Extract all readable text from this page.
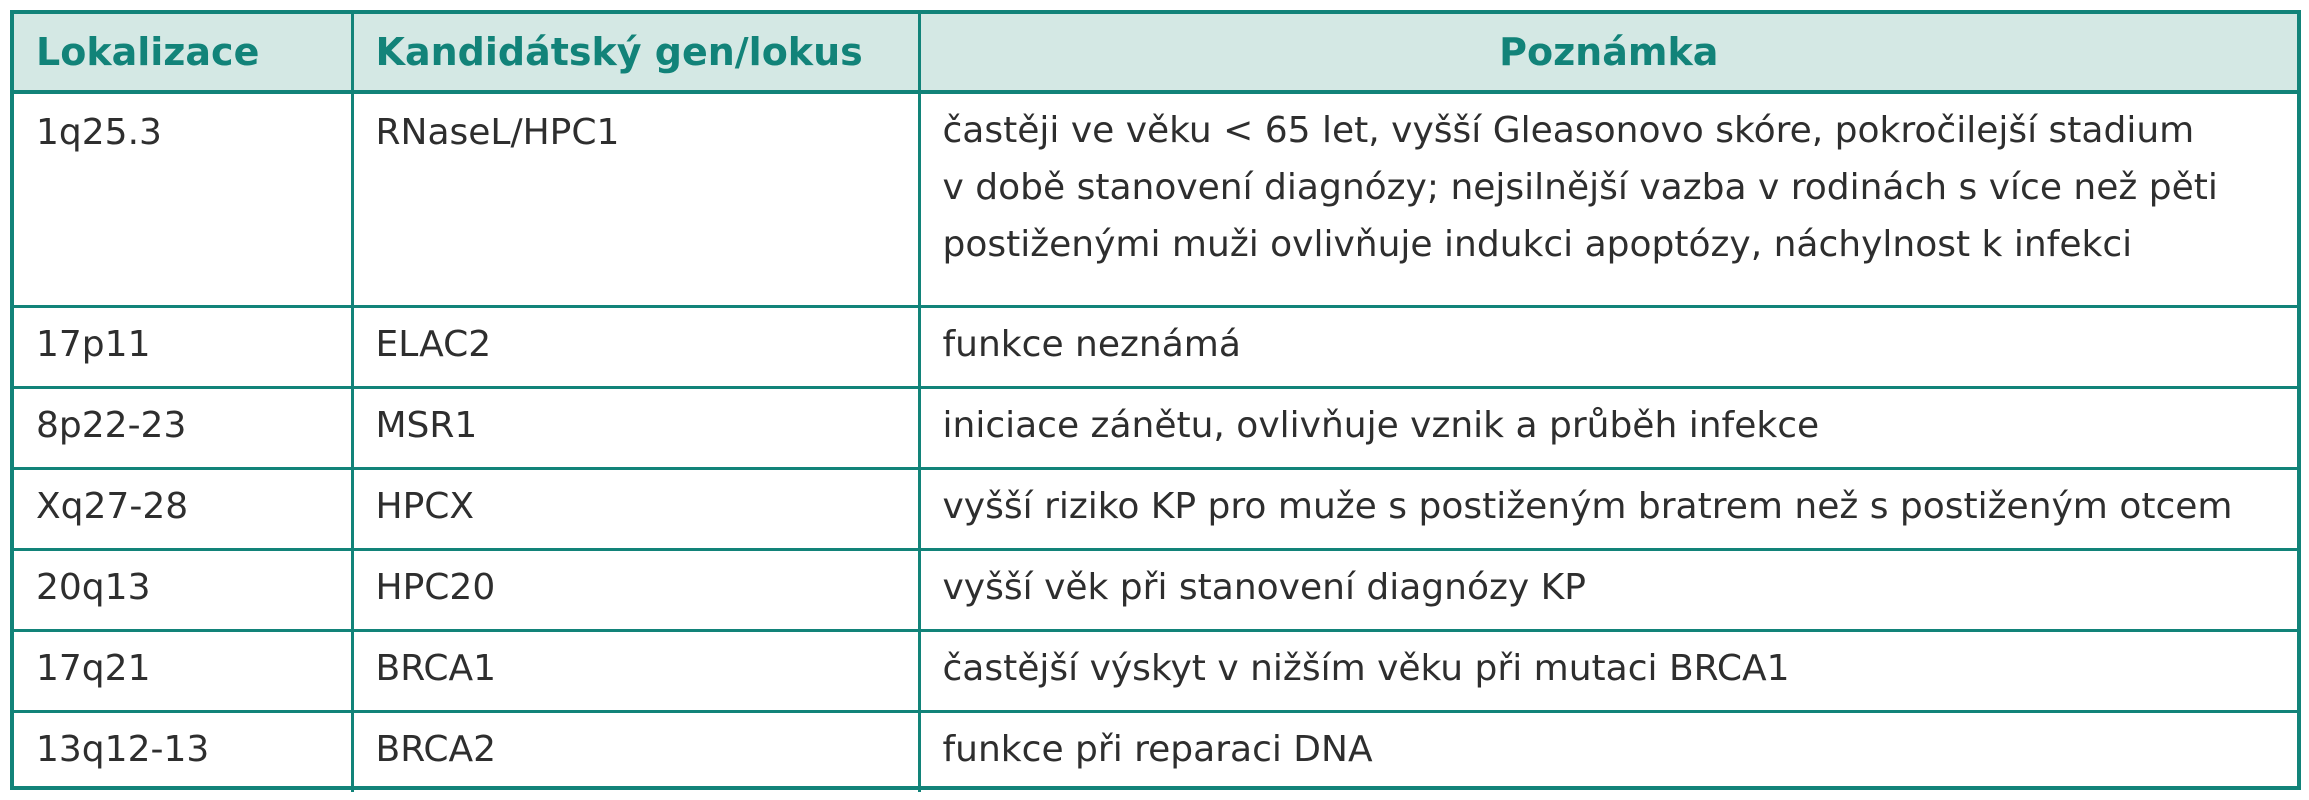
Lokalizace	Kandidátský gen/lokus	Poznámka
1q25.3	RNaseL/HPC1	častěji ve věku < 65 let, vyšší Gleasonovo skóre, pokročilejší stadium
v době stanovení diagnózy; nejsilnější vazba v rodinách s více než pěti
postiženými muži ovlivňuje indukci apoptózy, náchylnost k infekci
17p11	ELAC2	funkce neznámá
8p22-23	MSR1	iniciace zánětu, ovlivňuje vznik a průběh infekce
Xq27-28	HPCX	vyšší riziko KP pro muže s postiženým bratrem než s postiženým otcem
20q13	HPC20	vyšší věk při stanovení diagnózy KP
17q21	BRCA1	častější výskyt v nižším věku při mutaci BRCA1
13q12-13	BRCA2	funkce při reparaci DNA
